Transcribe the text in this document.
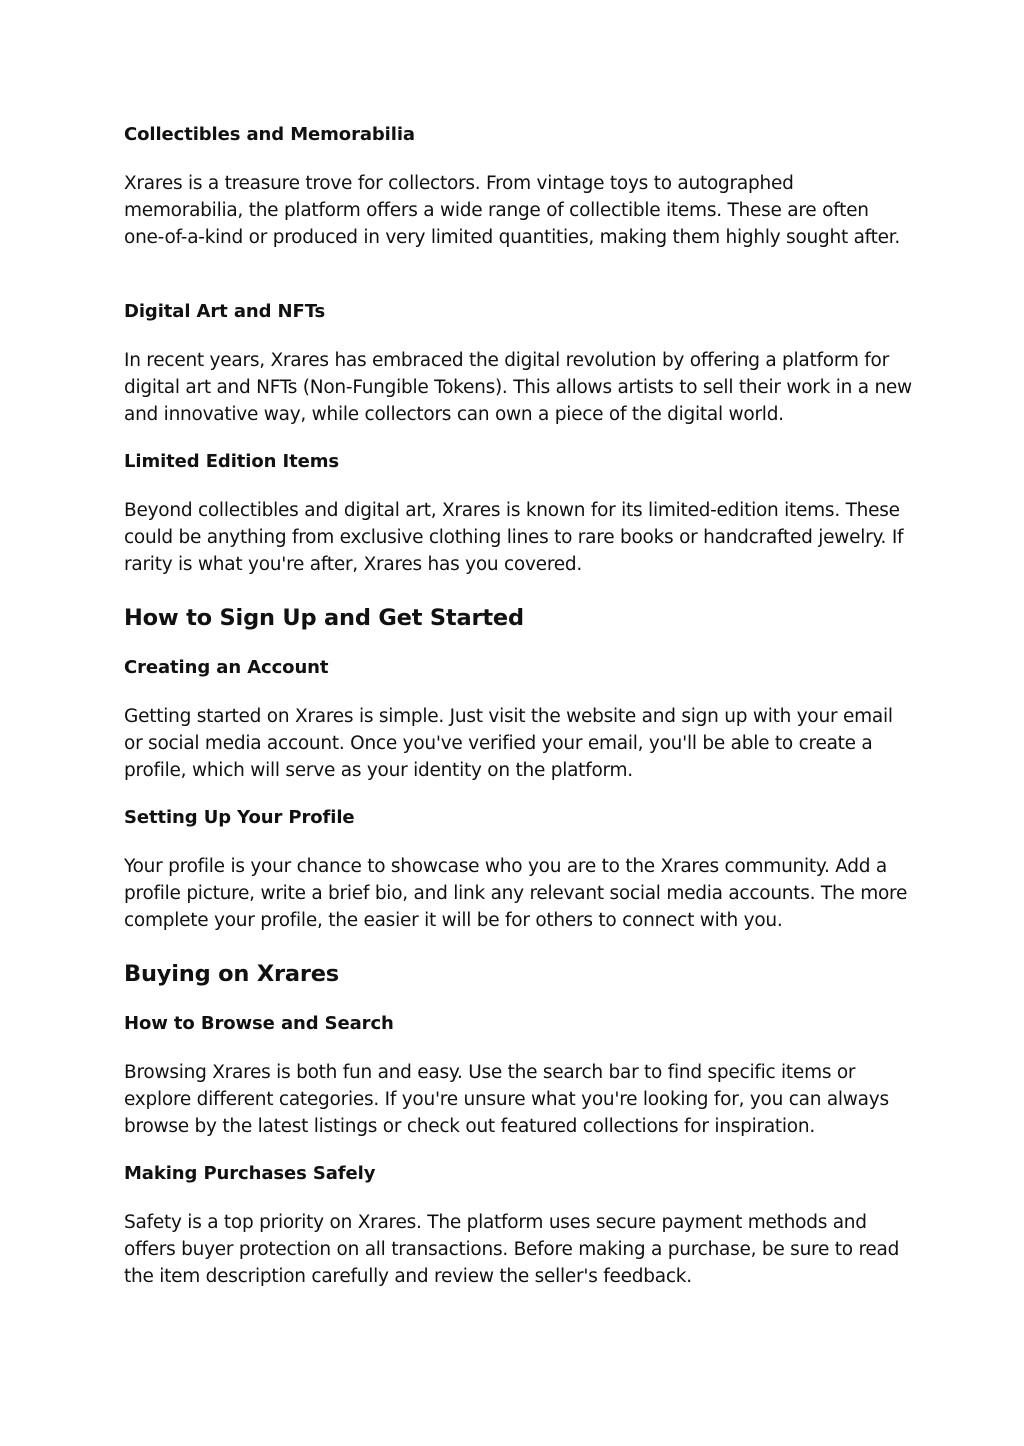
Collectibles and Memorabilia

Xrares is a treasure trove for collectors. From vintage toys to autographed memorabilia, the platform offers a wide range of collectible items. These are often one-of-a-kind or produced in very limited quantities, making them highly sought after.

Digital Art and NFTs

In recent years, Xrares has embraced the digital revolution by offering a platform for digital art and NFTs (Non-Fungible Tokens). This allows artists to sell their work in a new and innovative way, while collectors can own a piece of the digital world.

Limited Edition Items

Beyond collectibles and digital art, Xrares is known for its limited-edition items. These could be anything from exclusive clothing lines to rare books or handcrafted jewelry. If rarity is what you're after, Xrares has you covered.

How to Sign Up and Get Started
Creating an Account

Getting started on Xrares is simple. Just visit the website and sign up with your email or social media account. Once you've verified your email, you'll be able to create a profile, which will serve as your identity on the platform.

Setting Up Your Profile

Your profile is your chance to showcase who you are to the Xrares community. Add a profile picture, write a brief bio, and link any relevant social media accounts. The more complete your profile, the easier it will be for others to connect with you.

Buying on Xrares
How to Browse and Search

Browsing Xrares is both fun and easy. Use the search bar to find specific items or explore different categories. If you're unsure what you're looking for, you can always browse by the latest listings or check out featured collections for inspiration.

Making Purchases Safely

Safety is a top priority on Xrares. The platform uses secure payment methods and offers buyer protection on all transactions. Before making a purchase, be sure to read the item description carefully and review the seller's feedback.
